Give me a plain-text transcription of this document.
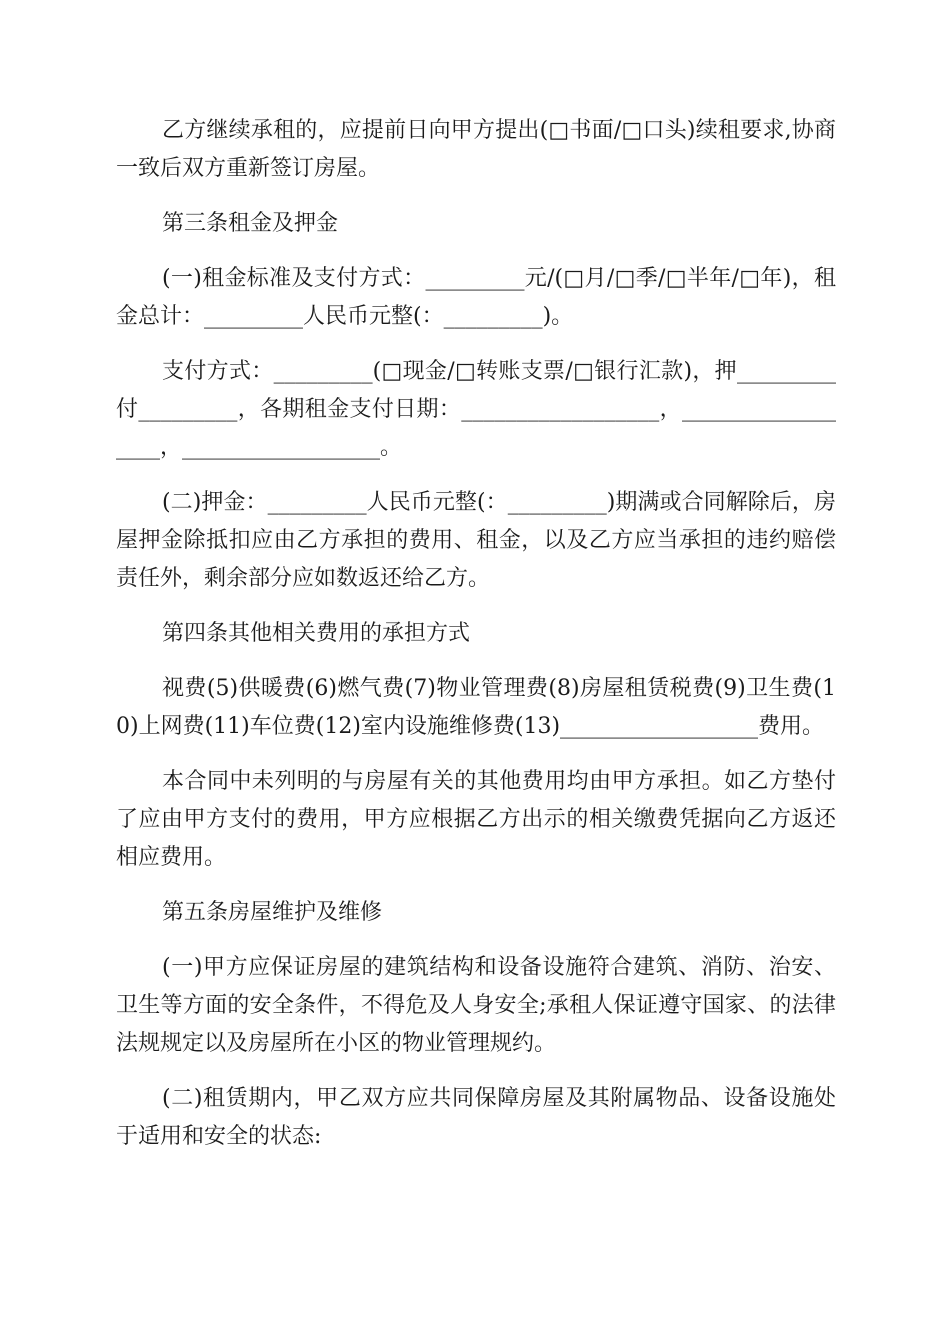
乙方继续承租的，应提前日向甲方提出(□书面/□口头)续租要求,协商一致后双方重新签订房屋。

第三条租金及押金

(一)租金标准及支付方式：_________元/(□月/□季/□半年/□年)，租金总计：_________人民币元整(：_________)。

支付方式：_________(□现金/□转账支票/□银行汇款)，押_________付_________，各期租金支付日期：__________________，__________________，__________________。

(二)押金：_________人民币元整(：_________)期满或合同解除后，房屋押金除抵扣应由乙方承担的费用、租金，以及乙方应当承担的违约赔偿责任外，剩余部分应如数返还给乙方。

第四条其他相关费用的承担方式

视费(5)供暖费(6)燃气费(7)物业管理费(8)房屋租赁税费(9)卫生费(10)上网费(11)车位费(12)室内设施维修费(13)__________________费用。

本合同中未列明的与房屋有关的其他费用均由甲方承担。如乙方垫付了应由甲方支付的费用，甲方应根据乙方出示的相关缴费凭据向乙方返还相应费用。

第五条房屋维护及维修

(一)甲方应保证房屋的建筑结构和设备设施符合建筑、消防、治安、卫生等方面的安全条件，不得危及人身安全;承租人保证遵守国家、的法律法规规定以及房屋所在小区的物业管理规约。

(二)租赁期内，甲乙双方应共同保障房屋及其附属物品、设备设施处于适用和安全的状态:
